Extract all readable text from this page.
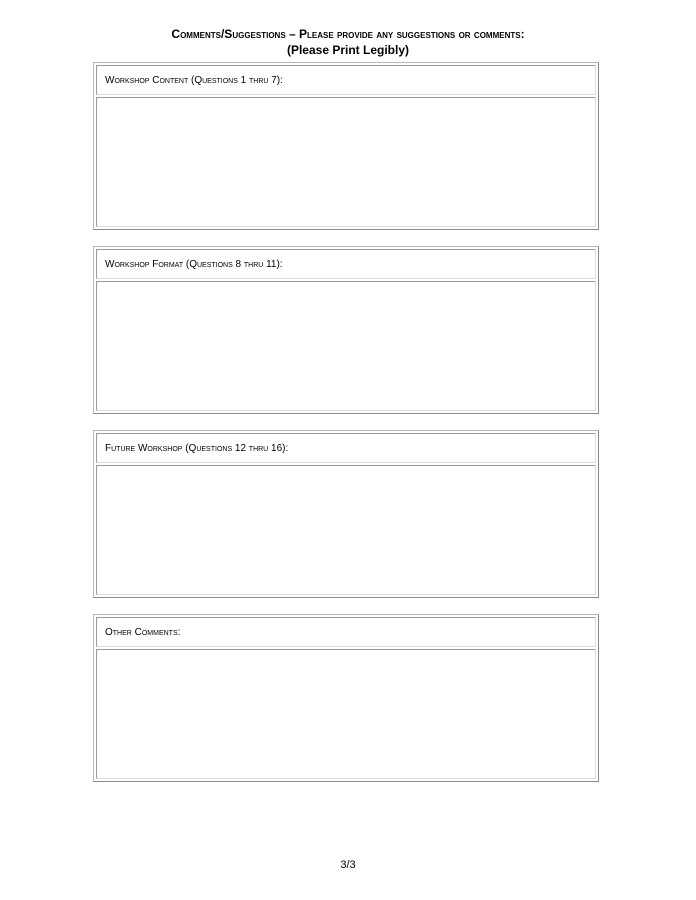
Comments/Suggestions – Please provide any suggestions or comments:
(Please Print Legibly)
Workshop Content (Questions 1 thru 7):
Workshop Format (Questions 8 thru 11):
Future Workshop (Questions 12 thru 16):
Other Comments:
3/3
